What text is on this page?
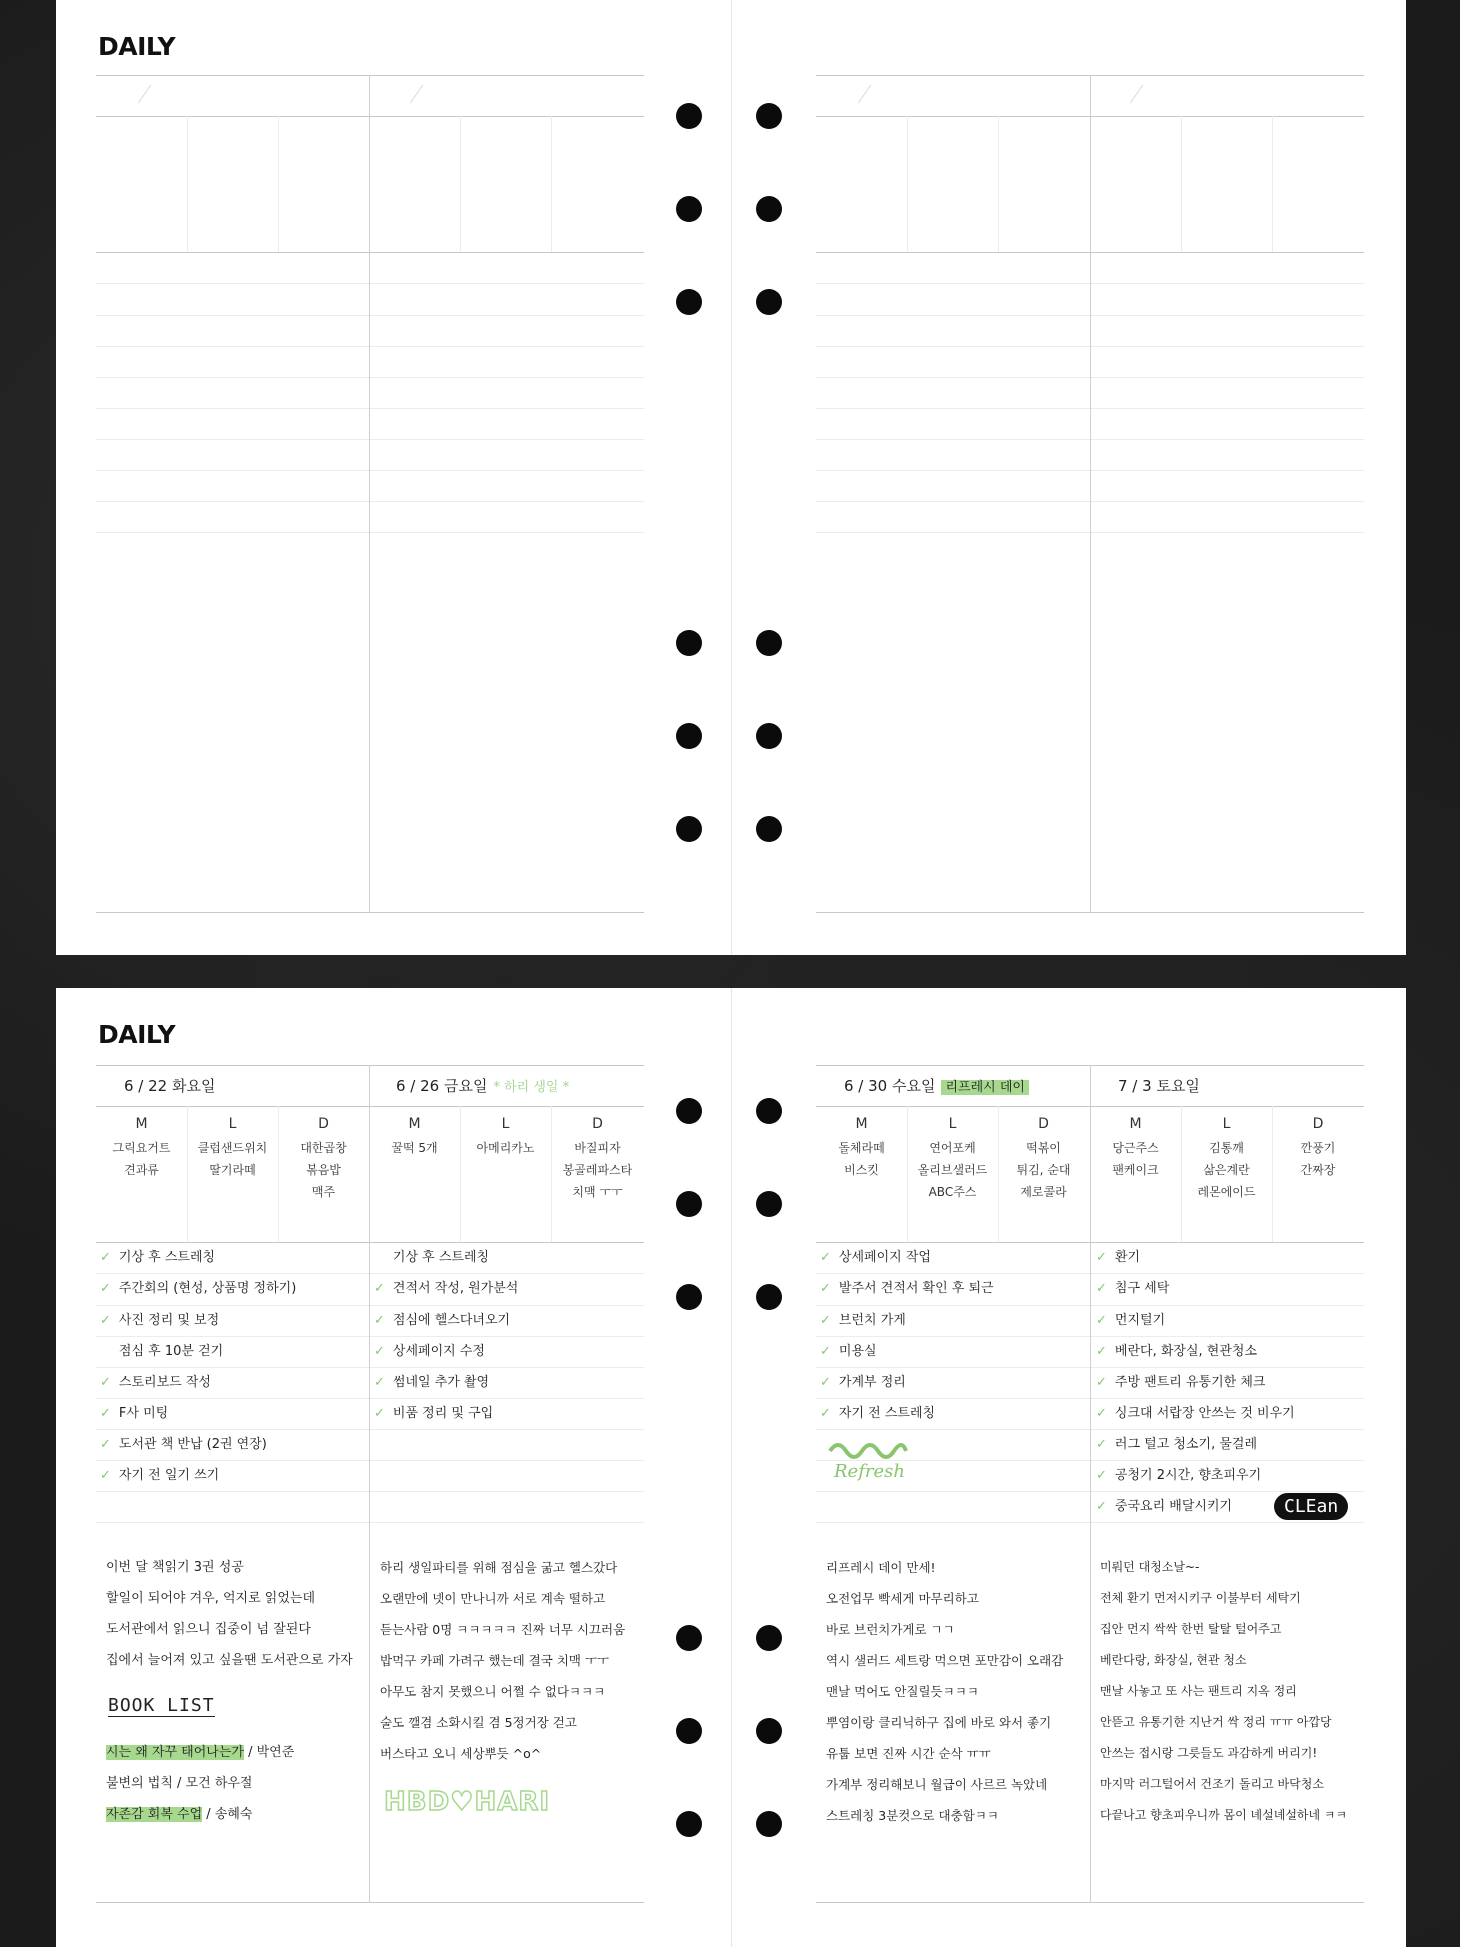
DAILY
DAILY
6 / 22 화요일
M
그릭요거트
견과류
L
클럽샌드위치
딸기라떼
D
대한곱창
볶음밥
맥주
✓ 기상 후 스트레칭
✓ 주간회의 (현성, 상품명 정하기)
✓ 사진 정리 및 보정
점심 후 10분 걷기
✓ 스토리보드 작성
✓ F사 미팅
✓ 도서관 책 반납 (2권 연장)
✓ 자기 전 일기 쓰기
이번 달 책읽기 3권 성공
할일이 되어야 겨우, 억지로 읽었는데
도서관에서 읽으니 집중이 넘 잘된다
집에서 늘어져 있고 싶을땐 도서관으로 가자
BOOK LIST
시는 왜 자꾸 태어나는가 / 박연준
불변의 법칙 / 모건 하우절
자존감 회복 수업 / 송혜숙
6 / 26 금요일 * 하리 생일 *
M
꿀떡 5개
L
아메리카노
D
바질피자
봉골레파스타
치맥 ㅜㅜ
기상 후 스트레칭
✓ 견적서 작성, 원가분석
✓ 점심에 헬스다녀오기
✓ 상세페이지 수정
✓ 썸네일 추가 촬영
✓ 비품 정리 및 구입
하리 생일파티를 위해 점심을 굶고 헬스갔다
오랜만에 넷이 만나니까 서로 계속 떨하고
듣는사람 0명 ㅋㅋㅋㅋㅋ 진짜 너무 시끄러움
밥먹구 카페 가려구 했는데 결국 치맥 ㅜㅜ
아무도 참지 못했으니 어쩔 수 없다ㅋㅋㅋ
술도 깰겸 소화시킬 겸 5정거장 걷고
버스타고 오니 세상뿌듯 ^o^
HBD♥HARI
6 / 30 수요일 리프레시 데이
M
돌체라떼
비스킷
L
연어포케
올리브샐러드
ABC주스
D
떡볶이
튀김, 순대
제로콜라
✓ 상세페이지 작업
✓ 발주서 견적서 확인 후 퇴근
✓ 브런치 가게
✓ 미용실
✓ 가계부 정리
✓ 자기 전 스트레칭
Refresh
리프레시 데이 만세!
오전업무 빡세게 마무리하고
바로 브런치가게로 ㄱㄱ
역시 샐러드 세트랑 먹으면 포만감이 오래감
맨날 먹어도 안질릴듯ㅋㅋㅋ
뿌염이랑 클리닉하구 집에 바로 와서 좋기
유툽 보면 진짜 시간 순삭 ㅠㅠ
가계부 정리해보니 월급이 사르르 녹았네
스트레칭 3분컷으로 대충함ㅋㅋ
7 / 3 토요일
M
당근주스
팬케이크
L
김통깨
삶은계란
레몬에이드
D
깐풍기
간짜장
✓ 환기
✓ 침구 세탁
✓ 먼지털기
✓ 베란다, 화장실, 현관청소
✓ 주방 팬트리 유통기한 체크
✓ 싱크대 서랍장 안쓰는 것 비우기
✓ 러그 털고 청소기, 물걸레
✓ 공청기 2시간, 향초피우기
✓ 중국요리 배달시키기	CLEan
미뤄던 대청소날~-
전체 환기 먼저시키구 이불부터 세탁기
집안 먼지 싹싹 한번 탈탈 털어주고
베란다랑, 화장실, 현관 청소
맨날 사놓고 또 사는 팬트리 지옥 정리
안뜯고 유통기한 지난거 싹 정리 ㅠㅠ 아깝당
안쓰는 접시랑 그릇들도 과감하게 버리기!
마지막 러그털어서 건조기 돌리고 바닥청소
다끝나고 향초피우니까 몸이 녜설녜설하네 ㅋㅋ
